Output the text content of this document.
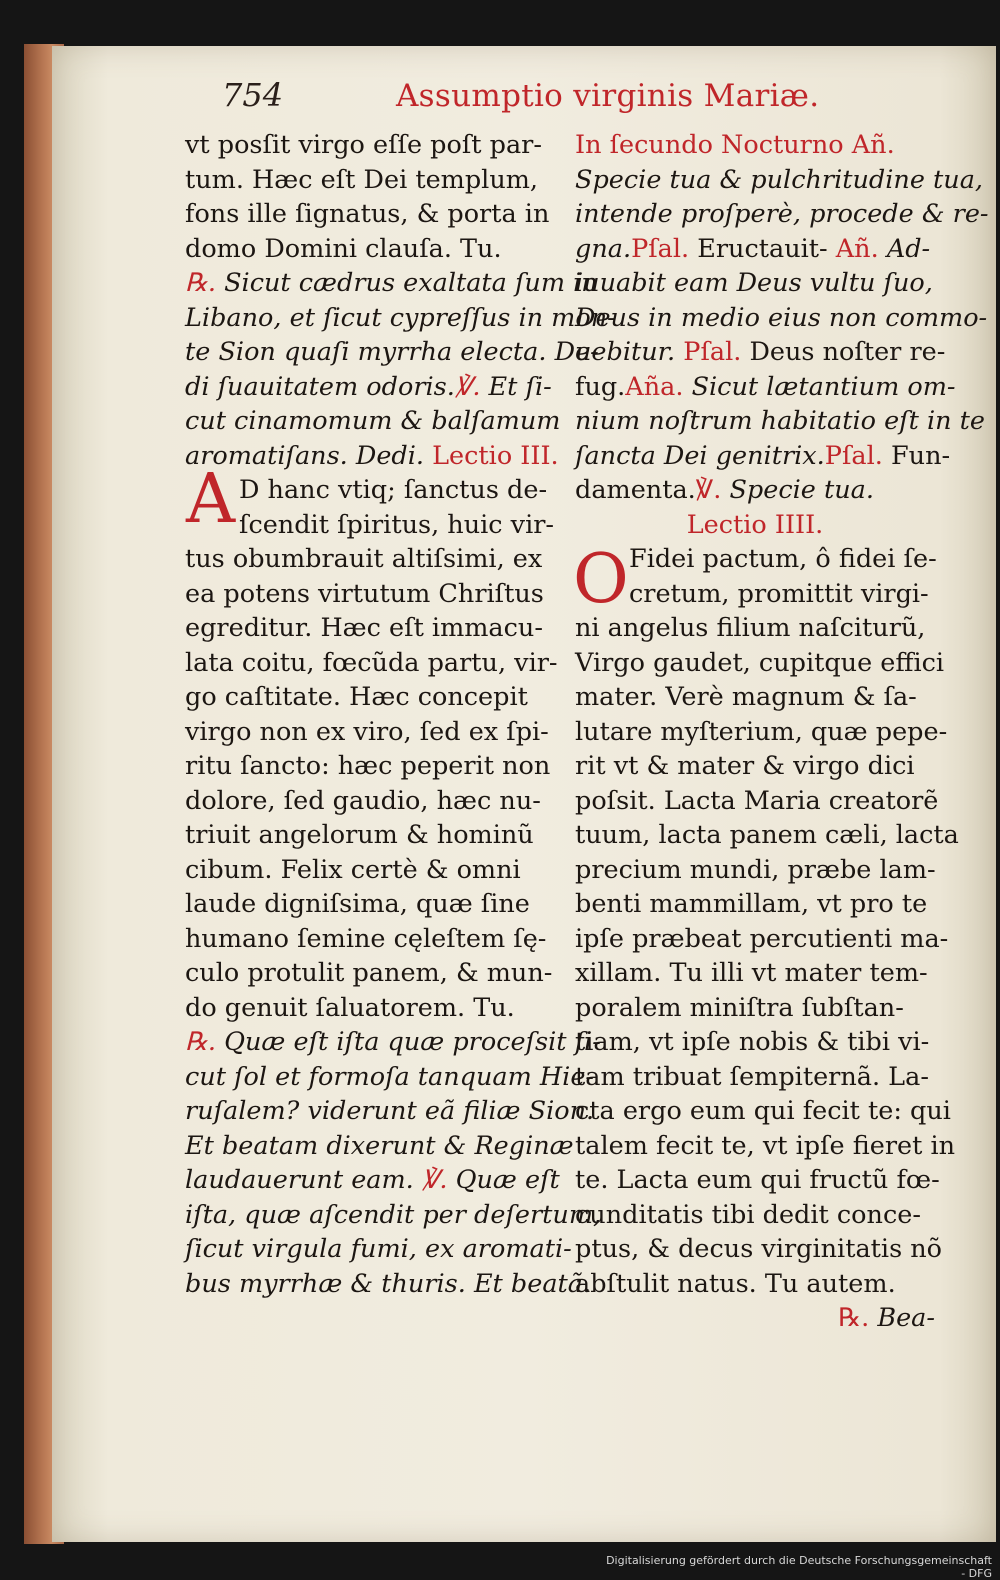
754	Assumptio virginis Mariæ.
vt posſit virgo eſſe poſt par-
tum. Hæc eſt Dei templum,
fons ille ſignatus, & porta in
domo Domini clauſa. Tu.
℞. Sicut cædrus exaltata ſum in
Libano, et ſicut cypreſſus in mon-
te Sion quaſi myrrha electa. De-
di ſuauitatem odoris.℣. Et ſi-
cut cinamomum & balſamum
aromatiſans. Dedi. Lectio III.
D hanc vtiq; ſanctus de-
ſcendit ſpiritus, huic vir-
tus obumbrauit altiſsimi, ex
ea potens virtutum Chriſtus
egreditur. Hæc eſt immacu-
lata coitu, fœcũda partu, vir-
go caſtitate. Hæc concepit
virgo non ex viro, ſed ex ſpi-
ritu ſancto: hæc peperit non
dolore, ſed gaudio, hæc nu-
triuit angelorum & hominũ
cibum. Felix certè & omni
laude digniſsima, quæ ſine
humano ſemine cęleſtem ſę-
culo protulit panem, & mun-
do genuit ſaluatorem. Tu.
℞. Quæ eſt iſta quæ proceſsit ſi-
cut ſol et formoſa tanquam Hie-
ruſalem? viderunt eã filiæ Sion.
Et beatam dixerunt & Reginæ
laudauerunt eam. ℣. Quæ eſt
iſta, quæ aſcendit per deſertum,
ſicut virgula fumi, ex aromati-
bus myrrhæ & thuris. Et beatã.
A
In ſecundo Nocturno Añ.
Specie tua & pulchritudine tua,
intende proſperè, procede & re-
gna.Pſal. Eructauit- Añ. Ad-
iuuabit eam Deus vultu ſuo,
Deus in medio eius non commo-
uebitur. Pſal. Deus noſter re-
fug.Aña. Sicut lætantium om-
nium noſtrum habitatio eſt in te
ſancta Dei genitrix.Pſal. Fun-
damenta.℣. Specie tua.
Lectio IIII.
Fidei pactum, ô fidei ſe-
cretum, promittit virgi-
ni angelus filium naſciturũ,
Virgo gaudet, cupitque effici
mater. Verè magnum & ſa-
lutare myſterium, quæ pepe-
rit vt & mater & virgo dici
poſsit. Lacta Maria creatorẽ
tuum, lacta panem cæli, lacta
precium mundi, præbe lam-
benti mammillam, vt pro te
ipſe præbeat percutienti ma-
xillam. Tu illi vt mater tem-
poralem miniſtra ſubſtan-
tiam, vt ipſe nobis & tibi vi-
tam tribuat ſempiternã. La-
cta ergo eum qui fecit te: qui
talem fecit te, vt ipſe fieret in
te. Lacta eum qui fructũ fœ-
cunditatis tibi dedit conce-
ptus, & decus virginitatis nõ
abſtulit natus. Tu autem.
℞. Bea-
O
Digitalisierung gefördert durch die Deutsche Forschungsgemeinschaft - DFG
